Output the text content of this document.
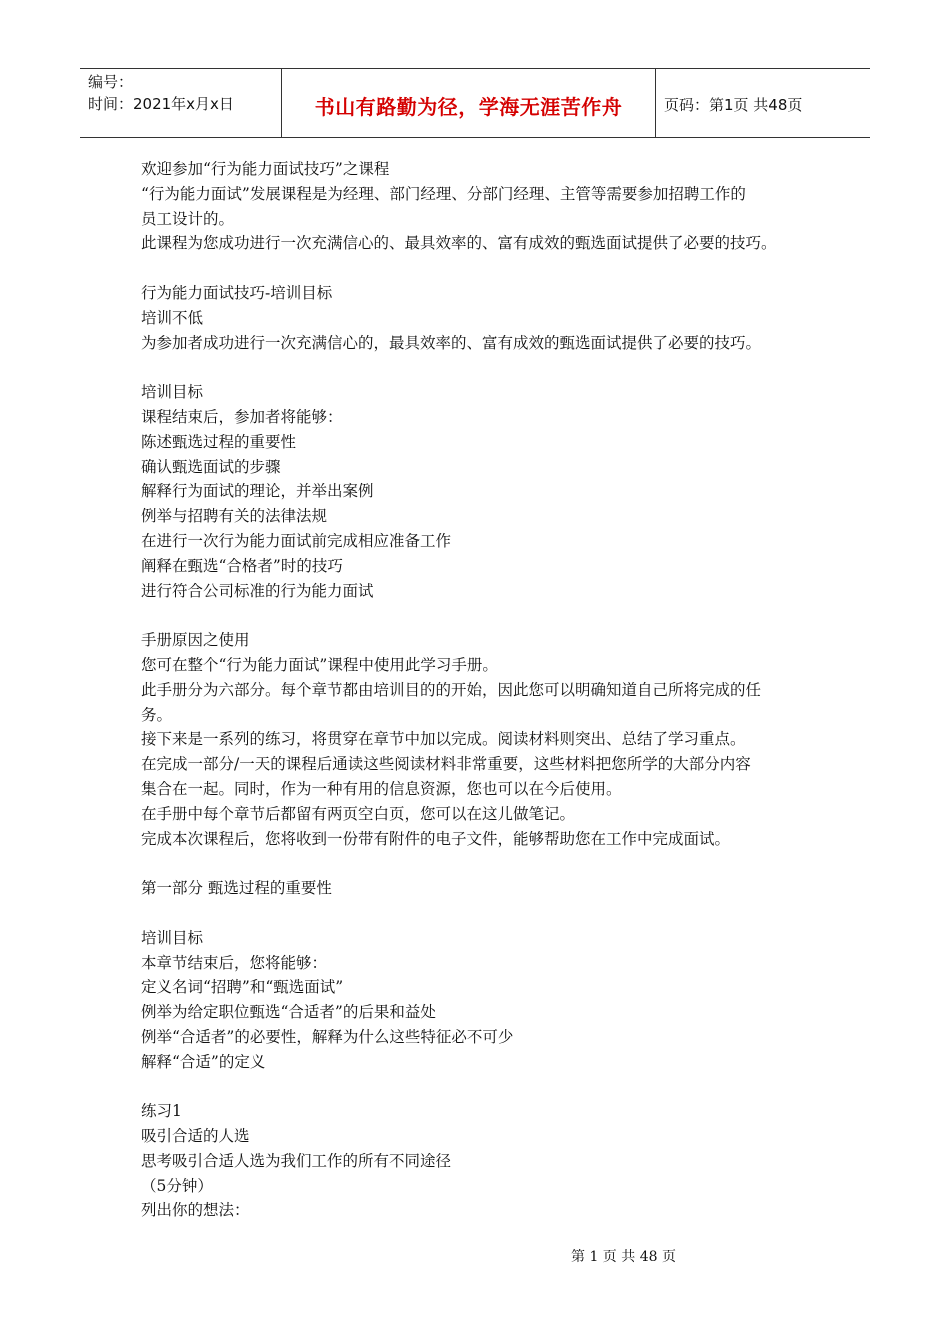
编号：
时间：2021年x月x日	书山有路勤为径，学海无涯苦作舟	页码：第1页 共48页

欢迎参加“行为能力面试技巧”之课程

“行为能力面试”发展课程是为经理、部门经理、分部门经理、主管等需要参加招聘工作的

员工设计的。

此课程为您成功进行一次充满信心的、最具效率的、富有成效的甄选面试提供了必要的技巧。

行为能力面试技巧-培训目标

培训不低

为参加者成功进行一次充满信心的，最具效率的、富有成效的甄选面试提供了必要的技巧。

培训目标

课程结束后，参加者将能够：

陈述甄选过程的重要性

确认甄选面试的步骤

解释行为面试的理论，并举出案例

例举与招聘有关的法律法规

在进行一次行为能力面试前完成相应准备工作

阐释在甄选“合格者”时的技巧

进行符合公司标准的行为能力面试

手册原因之使用

您可在整个“行为能力面试”课程中使用此学习手册。

此手册分为六部分。每个章节都由培训目的的开始，因此您可以明确知道自己所将完成的任

务。

接下来是一系列的练习，将贯穿在章节中加以完成。阅读材料则突出、总结了学习重点。

在完成一部分/一天的课程后通读这些阅读材料非常重要，这些材料把您所学的大部分内容

集合在一起。同时，作为一种有用的信息资源，您也可以在今后使用。

在手册中每个章节后都留有两页空白页，您可以在这儿做笔记。

完成本次课程后，您将收到一份带有附件的电子文件，能够帮助您在工作中完成面试。

第一部分 甄选过程的重要性

培训目标

本章节结束后，您将能够：

定义名词“招聘”和“甄选面试”

例举为给定职位甄选“合适者”的后果和益处

例举“合适者”的必要性，解释为什么这些特征必不可少

解释“合适”的定义

练习1

吸引合适的人选

思考吸引合适人选为我们工作的所有不同途径

（5分钟）

列出你的想法：

第 1 页 共 48 页
